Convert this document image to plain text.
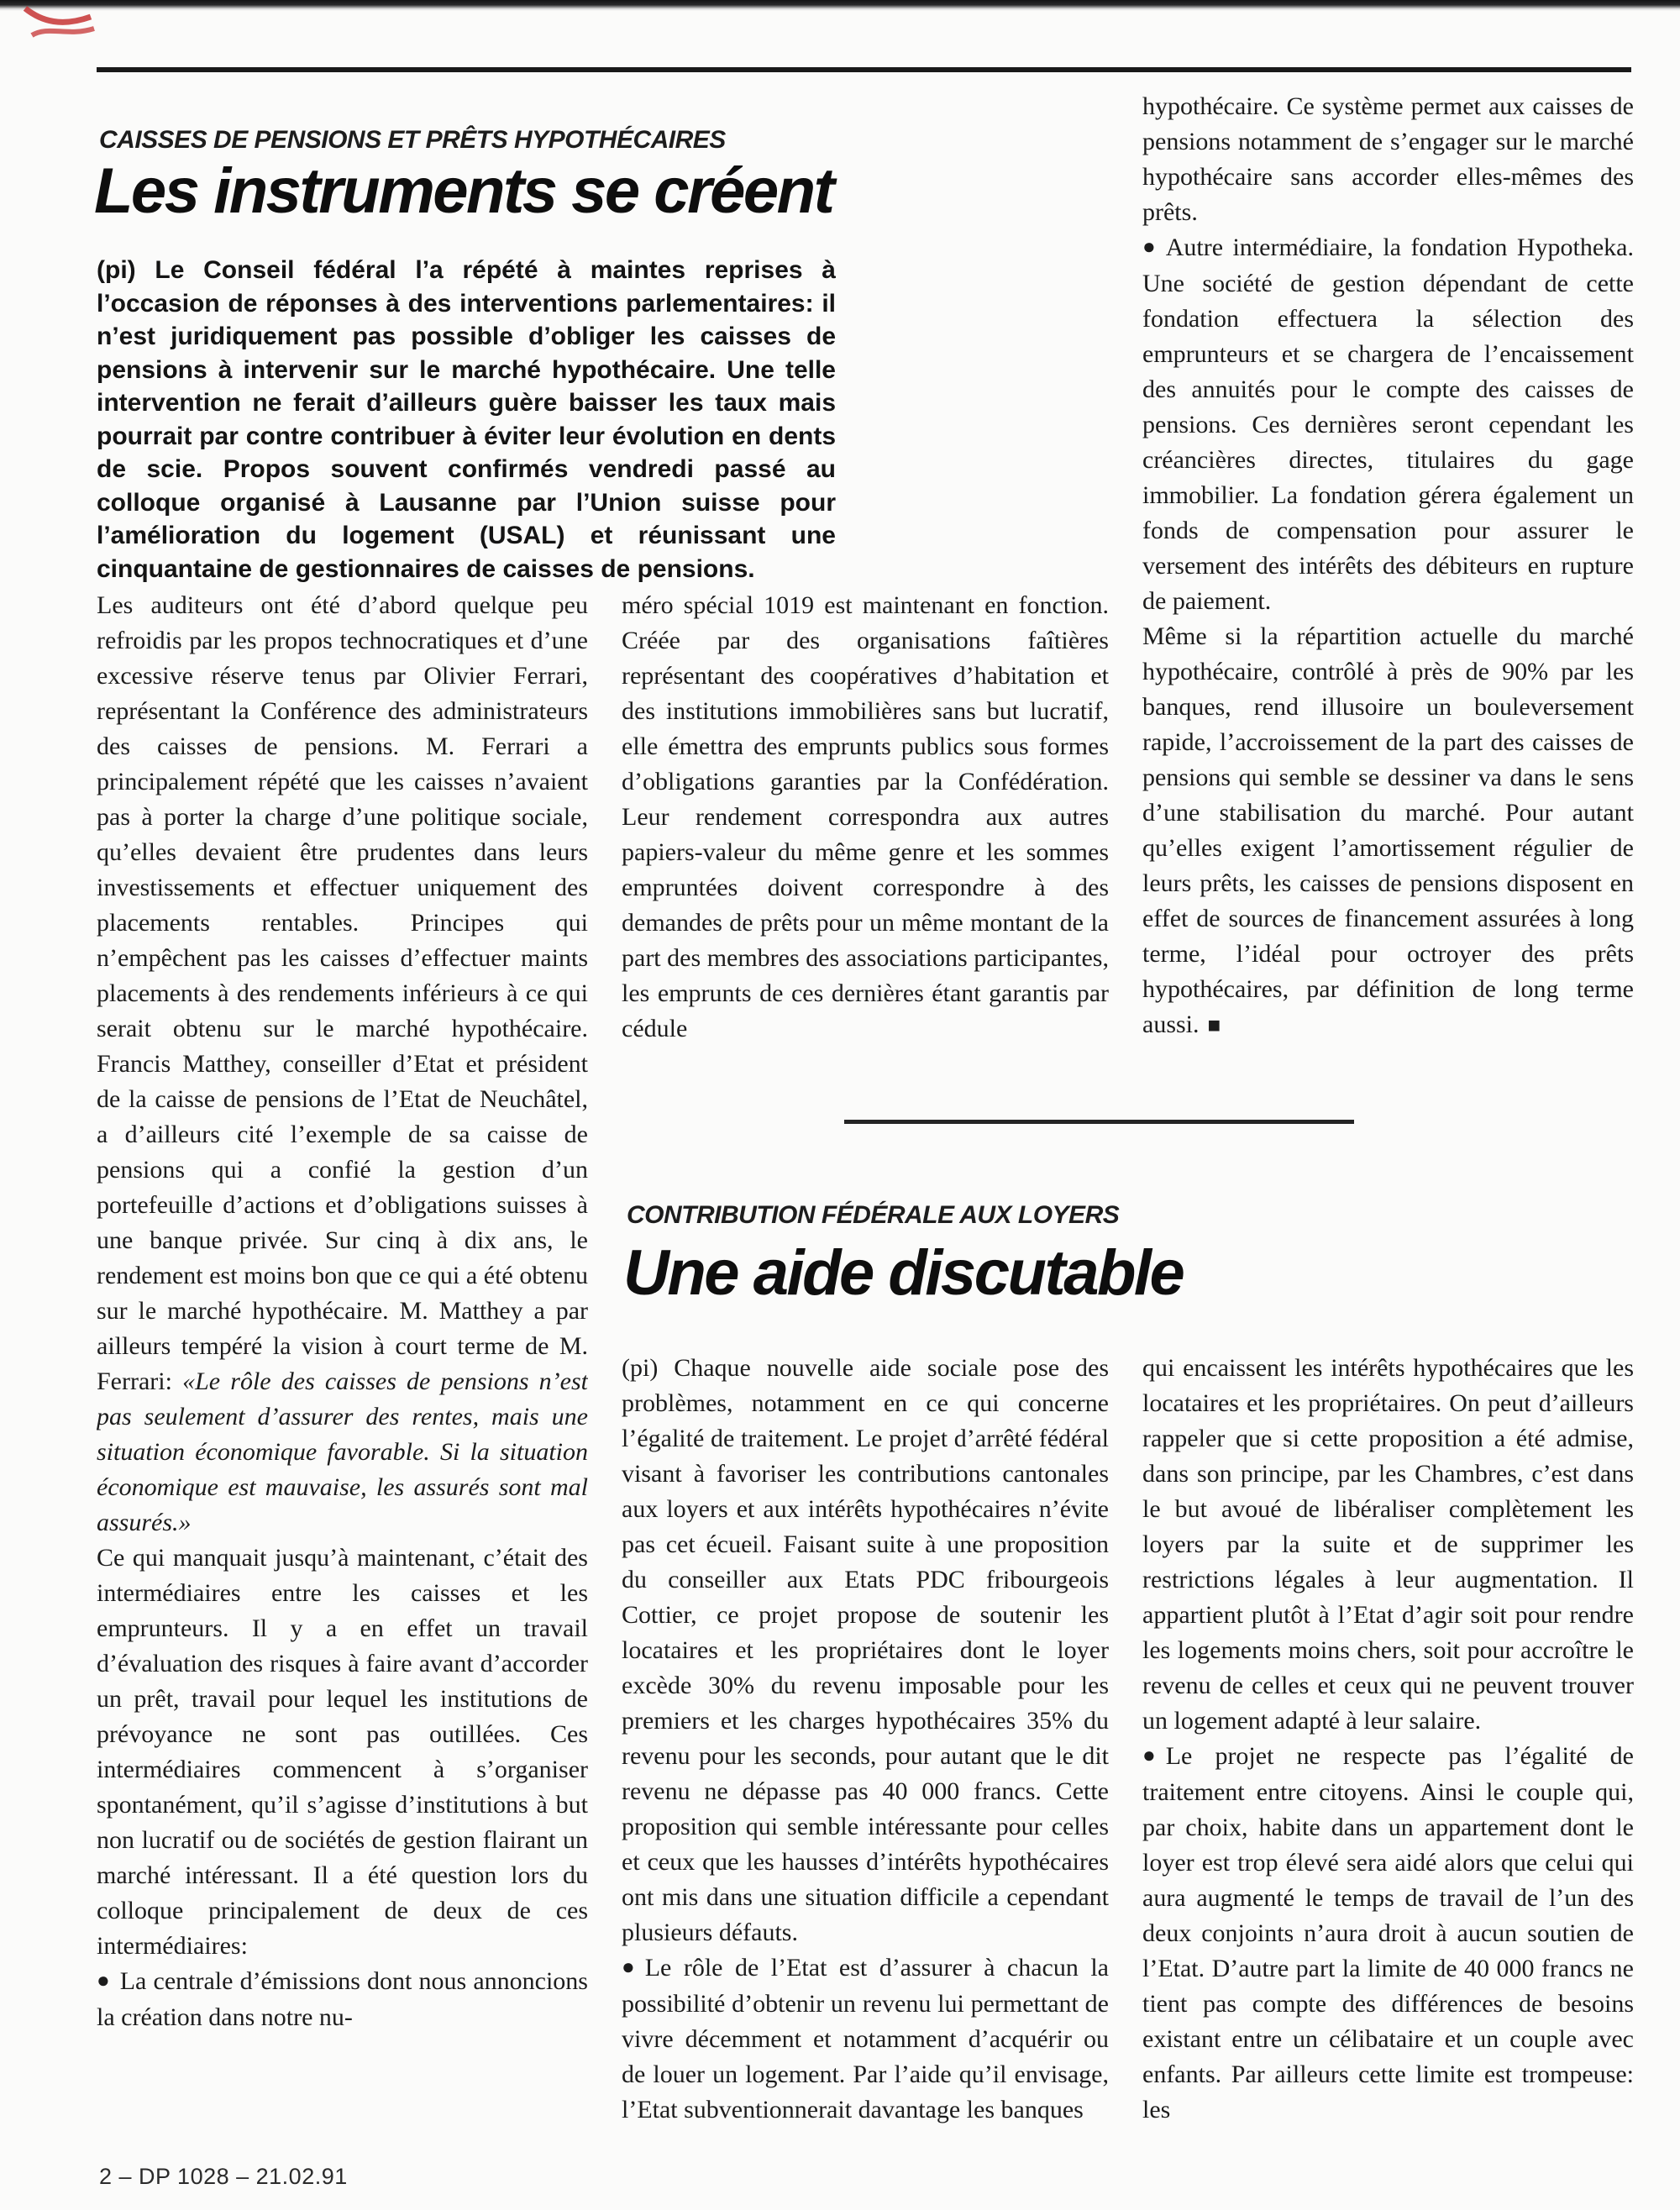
CAISSES DE PENSIONS ET PRÊTS HYPOTHÉCAIRES
Les instruments se créent
(pi) Le Conseil fédéral l’a répété à maintes reprises à l’occasion de réponses à des interventions parlementaires: il n’est juridiquement pas possible d’obliger les caisses de pensions à intervenir sur le marché hypothécaire. Une telle intervention ne ferait d’ailleurs guère baisser les taux mais pourrait par contre contribuer à éviter leur évolution en dents de scie. Propos souvent confirmés vendredi passé au colloque organisé à Lausanne par l’Union suisse pour l’amélioration du logement (USAL) et réunissant une cinquantaine de gestionnaires de caisses de pensions.

Les auditeurs ont été d’abord quelque peu refroidis par les propos technocratiques et d’une excessive réserve tenus par Olivier Ferrari, représentant la Conférence des administrateurs des caisses de pensions. M. Ferrari a principalement répété que les caisses n’avaient pas à porter la charge d’une politique sociale, qu’elles devaient être prudentes dans leurs investissements et effectuer uniquement des placements rentables. Principes qui n’empêchent pas les caisses d’effectuer maints placements à des rendements inférieurs à ce qui serait obtenu sur le marché hypothécaire. Francis Matthey, conseiller d’Etat et président de la caisse de pensions de l’Etat de Neuchâtel, a d’ailleurs cité l’exemple de sa caisse de pensions qui a confié la gestion d’un portefeuille d’actions et d’obligations suisses à une banque privée. Sur cinq à dix ans, le rendement est moins bon que ce qui a été obtenu sur le marché hypothécaire. M. Matthey a par ailleurs tempéré la vision à court terme de M. Ferrari: «Le rôle des caisses de pensions n’est pas seulement d’assurer des rentes, mais une situation économique favorable. Si la situation économique est mauvaise, les assurés sont mal assurés.»

Ce qui manquait jusqu’à maintenant, c’était des intermédiaires entre les caisses et les emprunteurs. Il y a en effet un travail d’évaluation des risques à faire avant d’accorder un prêt, travail pour lequel les institutions de prévoyance ne sont pas outillées. Ces intermédiaires commencent à s’organiser spontanément, qu’il s’agisse d’institutions à but non lucratif ou de sociétés de gestion flairant un marché intéressant. Il a été question lors du colloque principalement de deux de ces intermédiaires:

● La centrale d’émissions dont nous annoncions la création dans notre nu-

méro spécial 1019 est maintenant en fonction. Créée par des organisations faîtières représentant des coopératives d’habitation et des institutions immobilières sans but lucratif, elle émettra des emprunts publics sous formes d’obligations garanties par la Confédération. Leur rendement correspondra aux autres papiers-valeur du même genre et les sommes empruntées doivent correspondre à des demandes de prêts pour un même montant de la part des membres des associations participantes, les emprunts de ces dernières étant garantis par cédule

hypothécaire. Ce système permet aux caisses de pensions notamment de s’engager sur le marché hypothécaire sans accorder elles-mêmes des prêts.

● Autre intermédiaire, la fondation Hypotheka. Une société de gestion dépendant de cette fondation effectuera la sélection des emprunteurs et se chargera de l’encaissement des annuités pour le compte des caisses de pensions. Ces dernières seront cependant les créancières directes, titulaires du gage immobilier. La fondation gérera également un fonds de compensation pour assurer le versement des intérêts des débiteurs en rupture de paiement.

Même si la répartition actuelle du marché hypothécaire, contrôlé à près de 90% par les banques, rend illusoire un bouleversement rapide, l’accroissement de la part des caisses de pensions qui semble se dessiner va dans le sens d’une stabilisation du marché. Pour autant qu’elles exigent l’amortissement régulier de leurs prêts, les caisses de pensions disposent en effet de sources de financement assurées à long terme, l’idéal pour octroyer des prêts hypothécaires, par définition de long terme aussi. ■

CONTRIBUTION FÉDÉRALE AUX LOYERS
Une aide discutable

(pi) Chaque nouvelle aide sociale pose des problèmes, notamment en ce qui concerne l’égalité de traitement. Le projet d’arrêté fédéral visant à favoriser les contributions cantonales aux loyers et aux intérêts hypothécaires n’évite pas cet écueil. Faisant suite à une proposition du conseiller aux Etats PDC fribourgeois Cottier, ce projet propose de soutenir les locataires et les propriétaires dont le loyer excède 30% du revenu imposable pour les premiers et les charges hypothécaires 35% du revenu pour les seconds, pour autant que le dit revenu ne dépasse pas 40 000 francs. Cette proposition qui semble intéressante pour celles et ceux que les hausses d’intérêts hypothécaires ont mis dans une situation difficile a cependant plusieurs défauts.

● Le rôle de l’Etat est d’assurer à chacun la possibilité d’obtenir un revenu lui permettant de vivre décemment et notamment d’acquérir ou de louer un logement. Par l’aide qu’il envisage, l’Etat subventionnerait davantage les banques

qui encaissent les intérêts hypothécaires que les locataires et les propriétaires. On peut d’ailleurs rappeler que si cette proposition a été admise, dans son principe, par les Chambres, c’est dans le but avoué de libéraliser complètement les loyers par la suite et de supprimer les restrictions légales à leur augmentation. Il appartient plutôt à l’Etat d’agir soit pour rendre les logements moins chers, soit pour accroître le revenu de celles et ceux qui ne peuvent trouver un logement adapté à leur salaire.

● Le projet ne respecte pas l’égalité de traitement entre citoyens. Ainsi le couple qui, par choix, habite dans un appartement dont le loyer est trop élevé sera aidé alors que celui qui aura augmenté le temps de travail de l’un des deux conjoints n’aura droit à aucun soutien de l’Etat. D’autre part la limite de 40 000 francs ne tient pas compte des différences de besoins existant entre un célibataire et un couple avec enfants. Par ailleurs cette limite est trompeuse: les

2 – DP 1028 – 21.02.91
